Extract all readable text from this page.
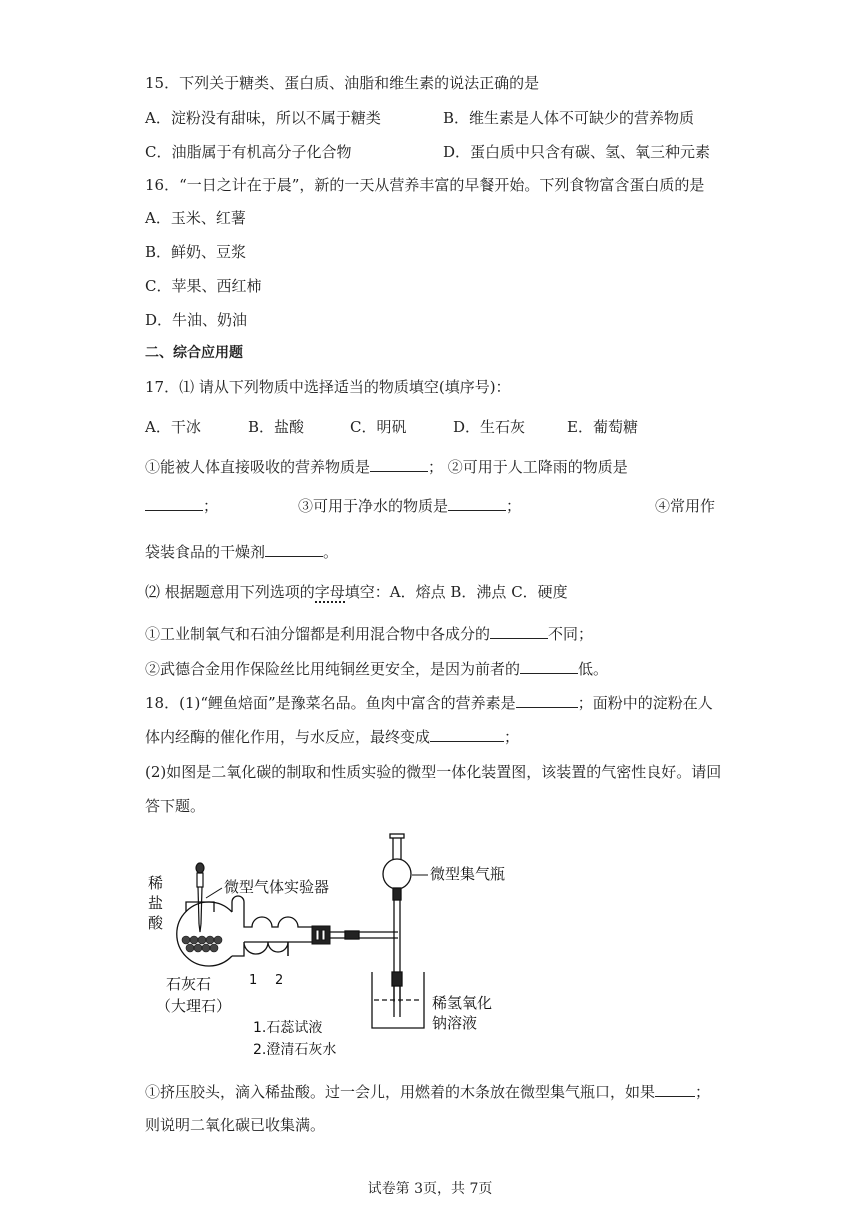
15．下列关于糖类、蛋白质、油脂和维生素的说法正确的是
A．淀粉没有甜味，所以不属于糖类	B．维生素是人体不可缺少的营养物质
C．油脂属于有机高分子化合物	D．蛋白质中只含有碳、氢、氧三种元素
16．“一日之计在于晨”，新的一天从营养丰富的早餐开始。下列食物富含蛋白质的是
A．玉米、红薯
B．鲜奶、豆浆
C．苹果、西红柿
D．牛油、奶油
二、综合应用题
17．⑴ 请从下列物质中选择适当的物质填空(填序号)：
A．干冰	B．盐酸	C．明矾	D．生石灰	E．葡萄糖
①能被人体直接吸收的营养物质是	； ②可用于人工降雨的物质是
；	③可用于净水的物质是	；	④常用作
袋装食品的干燥剂	。
⑵ 根据题意用下列选项的字母填空：A．熔点 B．沸点 C．硬度
①工业制氧气和石油分馏都是利用混合物中各成分的	不同；
②武德合金用作保险丝比用纯铜丝更安全，是因为前者的	低。
18．(1)“鲤鱼焙面”是豫菜名品。鱼肉中富含的营养素是	；面粉中的淀粉在人
体内经酶的催化作用，与水反应，最终变成	；
(2)如图是二氧化碳的制取和性质实验的微型一体化装置图，该装置的气密性良好。请回
答下题。
稀
盐
酸
微型气体实验器
微型集气瓶
稀氢氧化
钠溶液
石灰石
（大理石）
1 2
1.石蕊试液
2.澄清石灰水
①挤压胶头，滴入稀盐酸。过一会儿，用燃着的木条放在微型集气瓶口，如果	；
则说明二氧化碳已收集满。
试卷第 3页，共 7页
